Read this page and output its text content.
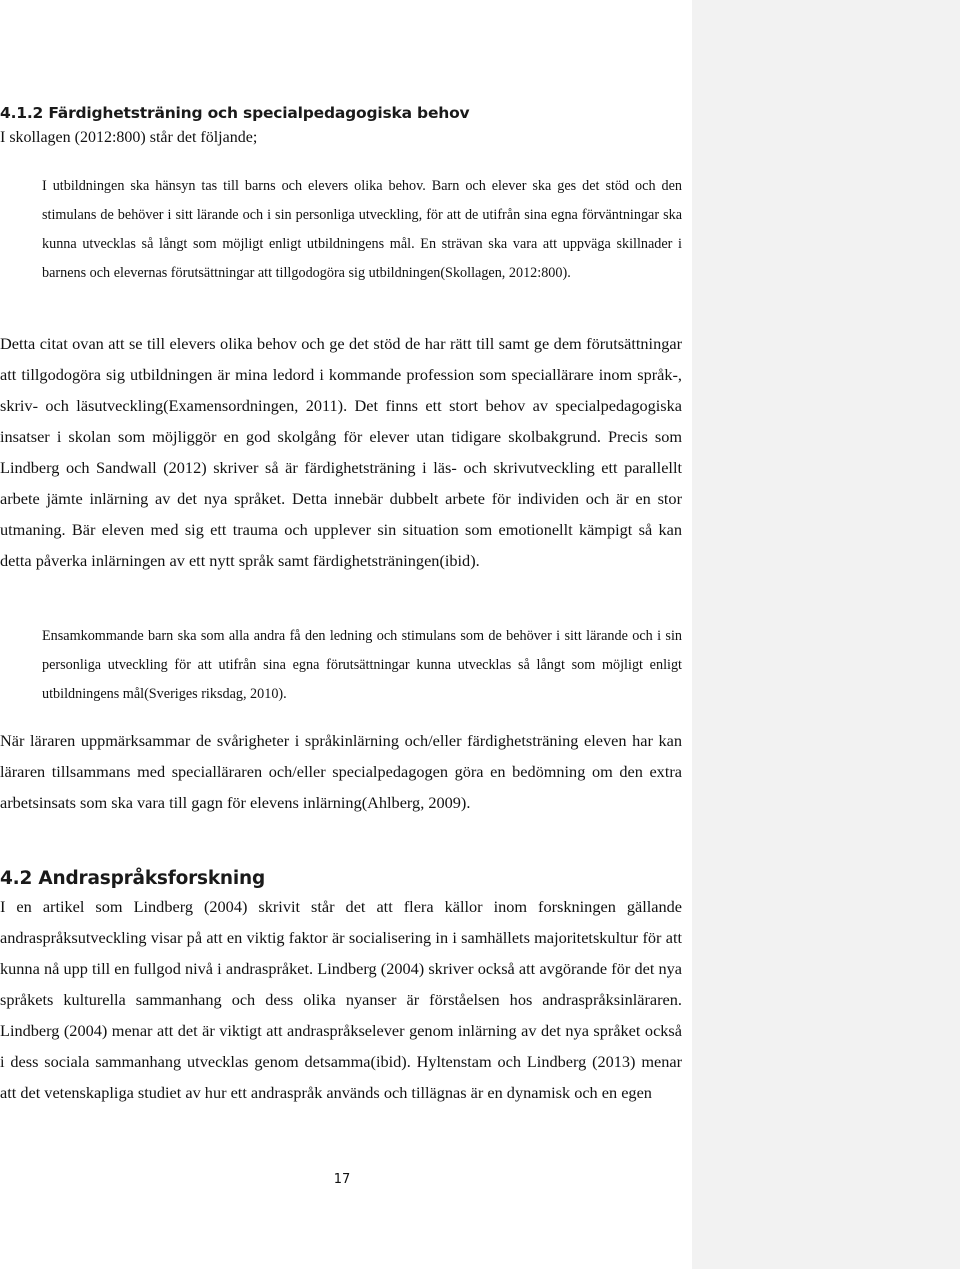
4.1.2 Färdighetsträning och specialpedagogiska behov

I skollagen (2012:800) står det följande;

I utbildningen ska hänsyn tas till barns och elevers olika behov. Barn och elever ska ges det stöd och den stimulans de behöver i sitt lärande och i sin personliga utveckling, för att de utifrån sina egna förväntningar ska kunna utvecklas så långt som möjligt enligt utbildningens mål. En strävan ska vara att uppväga skillnader i barnens och elevernas förutsättningar att tillgodogöra sig utbildningen(Skollagen, 2012:800).

Detta citat ovan att se till elevers olika behov och ge det stöd de har rätt till samt ge dem förutsättningar att tillgodogöra sig utbildningen är mina ledord i kommande profession som speciallärare inom språk-, skriv- och läsutveckling(Examensordningen, 2011). Det finns ett stort behov av specialpedagogiska insatser i skolan som möjliggör en god skolgång för elever utan tidigare skolbakgrund. Precis som Lindberg och Sandwall (2012) skriver så är färdighetsträning i läs- och skrivutveckling ett parallellt arbete jämte inlärning av det nya språket. Detta innebär dubbelt arbete för individen och är en stor utmaning. Bär eleven med sig ett trauma och upplever sin situation som emotionellt kämpigt så kan detta påverka inlärningen av ett nytt språk samt färdighetsträningen(ibid).

Ensamkommande barn ska som alla andra få den ledning och stimulans som de behöver i sitt lärande och i sin personliga utveckling för att utifrån sina egna förutsättningar kunna utvecklas så långt som möjligt enligt utbildningens mål(Sveriges riksdag, 2010).

När läraren uppmärksammar de svårigheter i språkinlärning och/eller färdighetsträning eleven har kan läraren tillsammans med specialläraren och/eller specialpedagogen göra en bedömning om den extra arbetsinsats som ska vara till gagn för elevens inlärning(Ahlberg, 2009).

4.2 Andraspråksforskning

I en artikel som Lindberg (2004) skrivit står det att flera källor inom forskningen gällande andraspråksutveckling visar på att en viktig faktor är socialisering in i samhällets majoritetskultur för att kunna nå upp till en fullgod nivå i andraspråket. Lindberg (2004) skriver också att avgörande för det nya språkets kulturella sammanhang och dess olika nyanser är förståelsen hos andraspråksinläraren. Lindberg (2004) menar att det är viktigt att andraspråkselever genom inlärning av det nya språket också i dess sociala sammanhang utvecklas genom detsamma(ibid). Hyltenstam och Lindberg (2013) menar att det vetenskapliga studiet av hur ett andraspråk används och tillägnas är en dynamisk och en egen

17
